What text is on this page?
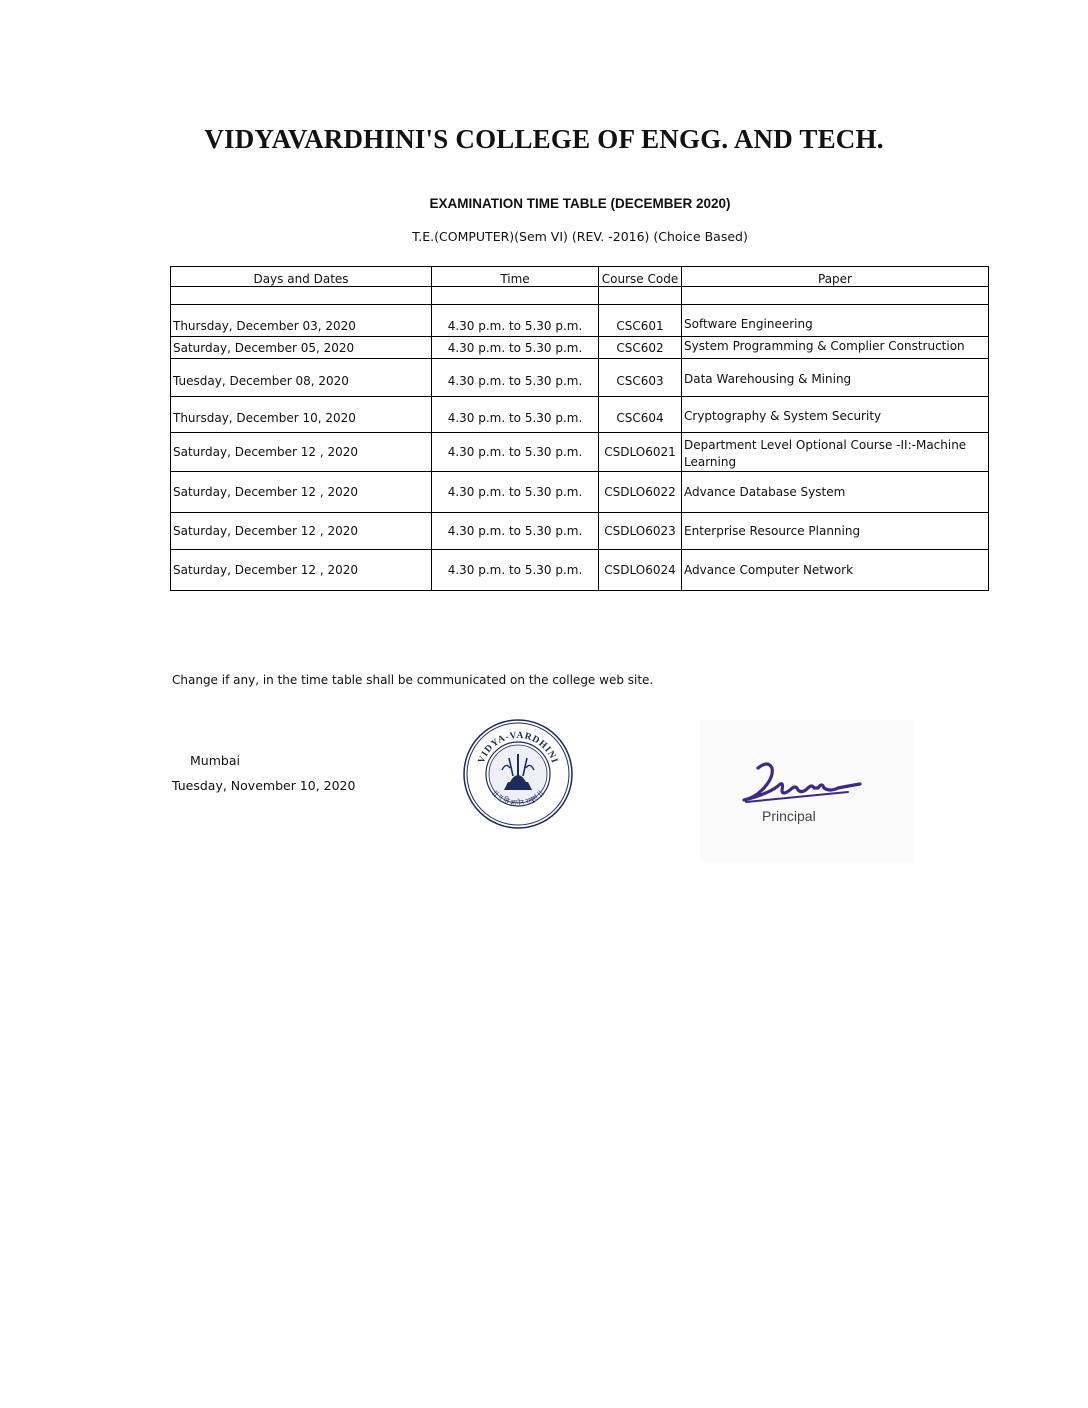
VIDYAVARDHINI'S COLLEGE OF ENGG. AND TECH.
EXAMINATION TIME TABLE (DECEMBER 2020)
T.E.(COMPUTER)(Sem VI) (REV. -2016) (Choice Based)
Days and Dates	Time	Course Code	Paper

Thursday, December 03, 2020	4.30 p.m. to 5.30 p.m.	CSC601	Software Engineering
Saturday, December 05, 2020	4.30 p.m. to 5.30 p.m.	CSC602	System Programming & Complier Construction
Tuesday, December 08, 2020	4.30 p.m. to 5.30 p.m.	CSC603	Data Warehousing & Mining
Thursday, December 10, 2020	4.30 p.m. to 5.30 p.m.	CSC604	Cryptography & System Security
Saturday, December 12 , 2020	4.30 p.m. to 5.30 p.m.	CSDLO6021	Department Level Optional Course -II:-Machine Learning
Saturday, December 12 , 2020	4.30 p.m. to 5.30 p.m.	CSDLO6022	Advance Database System
Saturday, December 12 , 2020	4.30 p.m. to 5.30 p.m.	CSDLO6023	Enterprise Resource Planning
Saturday, December 12 , 2020	4.30 p.m. to 5.30 p.m.	CSDLO6024	Advance Computer Network
Change if any, in the time table shall be communicated on the college web site.
Mumbai
Tuesday, November 10, 2020
VIDYA-VARDHINI
|| न हि ज्ञानेन सदृशं ||
Principal
